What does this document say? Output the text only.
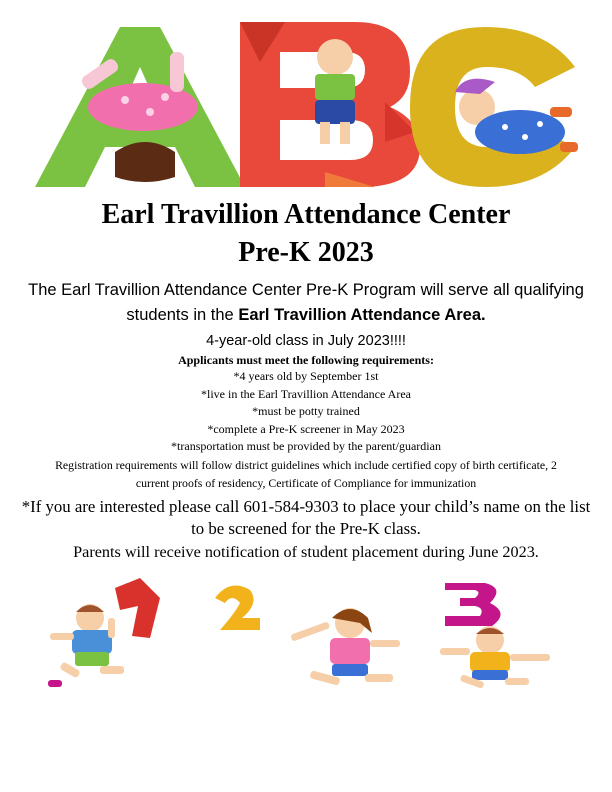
Earl Travillion Attendance Center

Pre-K 2023

The Earl Travillion Attendance Center Pre-K Program will serve all qualifying students in the Earl Travillion Attendance Area.

4-year-old class in July 2023!!!!

Applicants must meet the following requirements:

*4 years old by September 1st

*live in the Earl Travillion Attendance Area

*must be potty trained

*complete a Pre-K screener in May 2023

*transportation must be provided by the parent/guardian

Registration requirements will follow district guidelines which include certified copy of birth certificate, 2 current proofs of residency, Certificate of Compliance for immunization

*If you are interested please call 601-584-9303 to place your child’s name on the list to be screened for the Pre-K class.

Parents will receive notification of student placement during June 2023.
